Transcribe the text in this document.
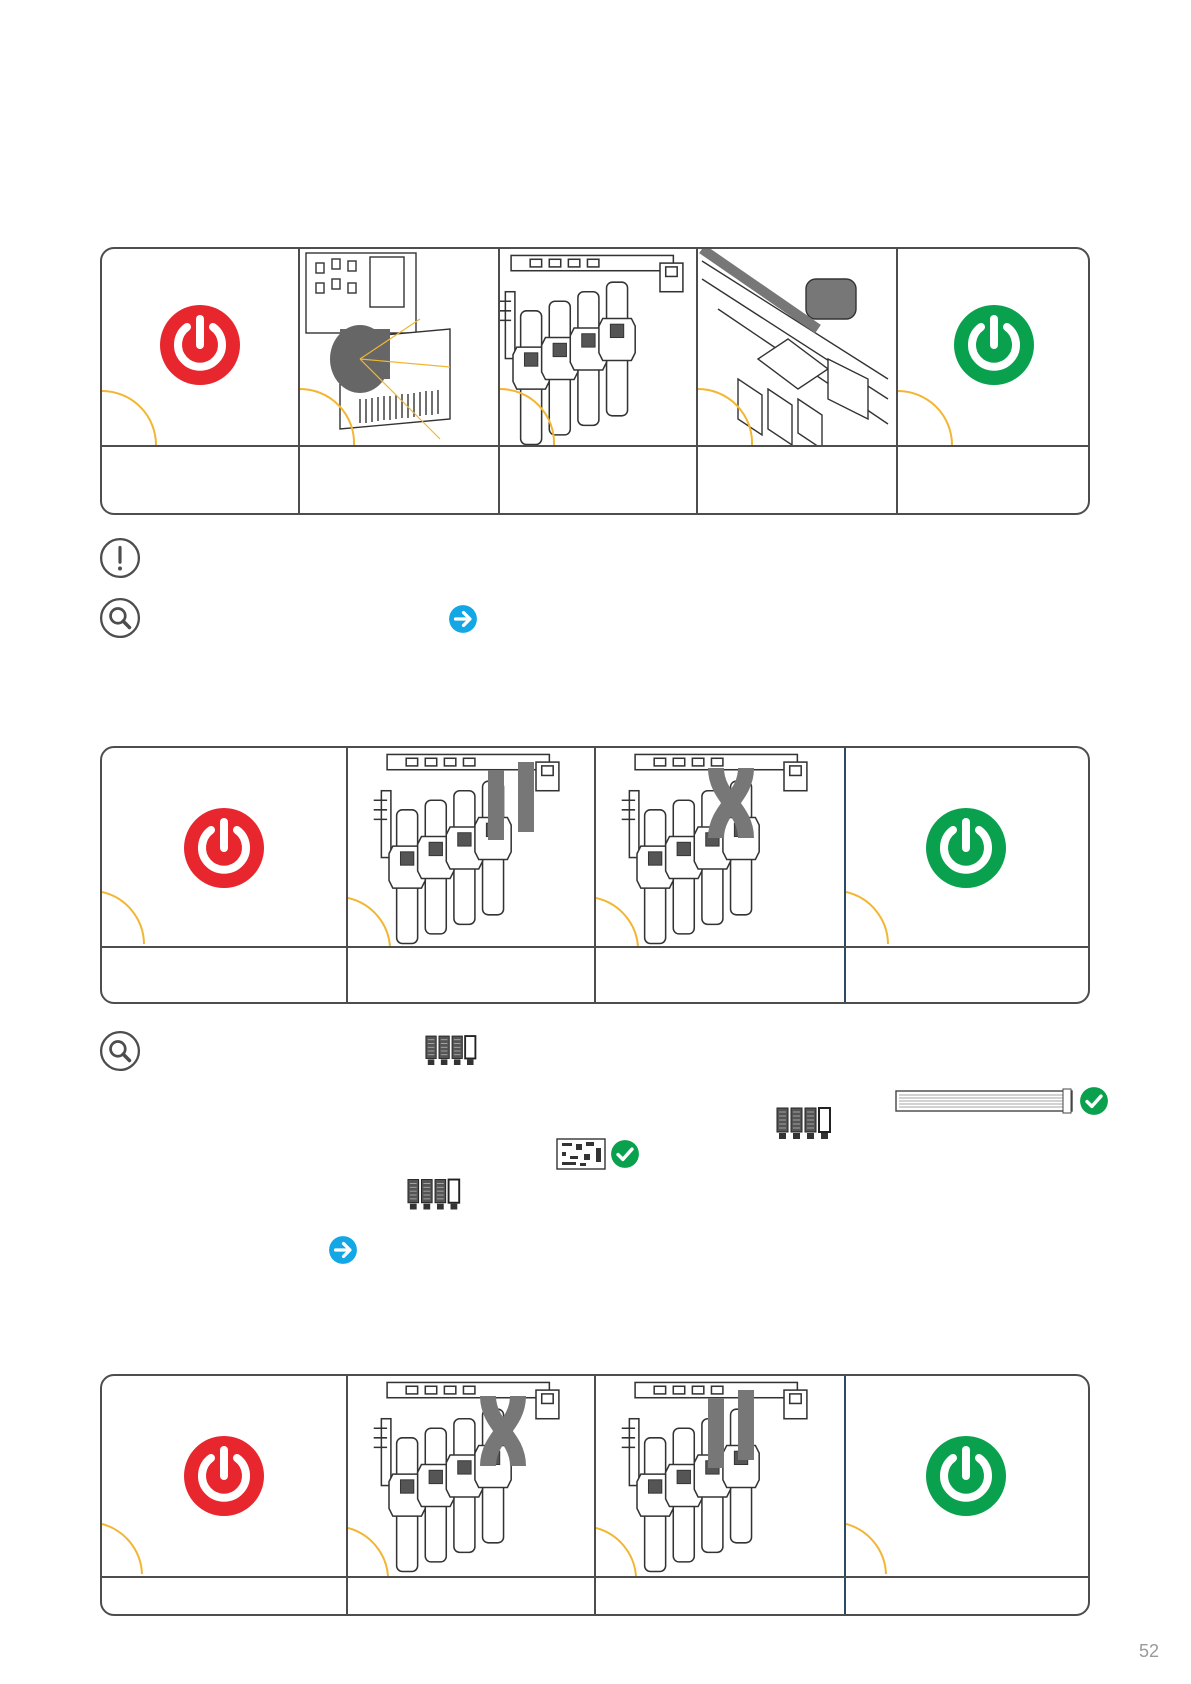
52
